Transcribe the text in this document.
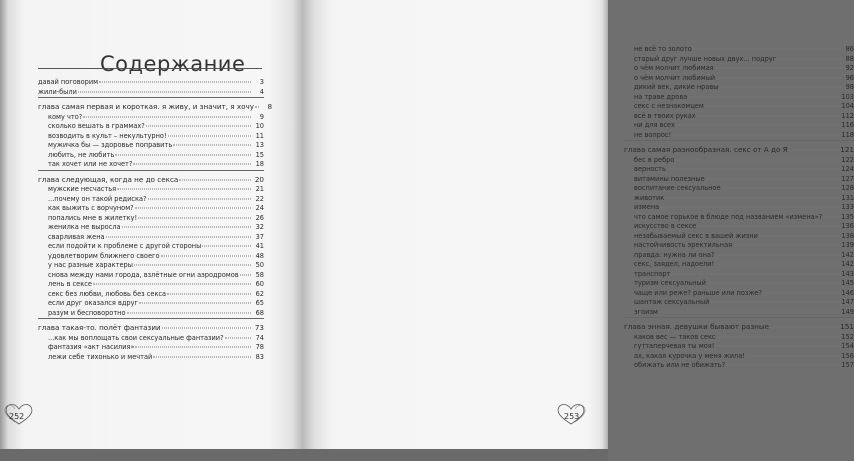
Содержание
давай поговорим	3
жили-были	4
глава самая первая и короткая. я живу, и значит, я хочу	8
кому что?	9
сколько вешать в граммах?	10
возводить в культ – некультурно!	11
мужичка бы — здоровье поправить	13
любить, не любить	15
так хочет или не хочет?	18
глава следующая, когда не до секса	20
мужские несчастья	21
...почему он такой редиска?	22
как выжить с ворчуном?	24
попались мне в жилетку!	26
женилка не выросла	32
сварливая жена	37
если подойти к проблеме с другой стороны	41
удовлетворим ближнего своего	48
у нас разные характеры	50
снова между нами города, взлётные огни аэродромов	58
лень в сексе	60
секс без любви, любовь без секса	62
если друг оказался вдруг	65
разум и бесповоротно	68
глава такая-то. полёт фантазии	73
...как мы воплощать свои сексуальные фантазии?	74
фантазия «акт насилия»	78
лежи себе тихонько и мечтай	83
252
не всё то золото	86
старый друг лучше новых двух... подруг	88
о чём молчит любимая	92
о чём молчит любимый	96
дикий век, дикие нравы	98
на траве дрова	103
секс с незнакомцем	104
всё в твоих руках	112
ни для всех	116
не вопрос!	118
глава самая разнообразная. секс от А до Я	121
бес в ребро	122
верность	124
витамины полезные	127
воспитание сексуальное	128
животик	131
измена	133
что самое горькое в блюде под названием «измена»?	135
искусство в сексе	136
незабываемый секс в вашей жизни	138
настойчивость эректильная	139
правда: нужна ли она?	142
секс, заядел, надоели!	142
транспорт	143
туризм сексуальный	145
чаще или реже? раньше или позже?	146
шантаж сексуальный	147
эгоизм	149
глава энная. девушки бывают разные	151
каков вес — таков секс	152
гуттаперчевая ты моя!	154
ах, какая курочка у меня жила!	156
обижать или не обижать?	157
253
